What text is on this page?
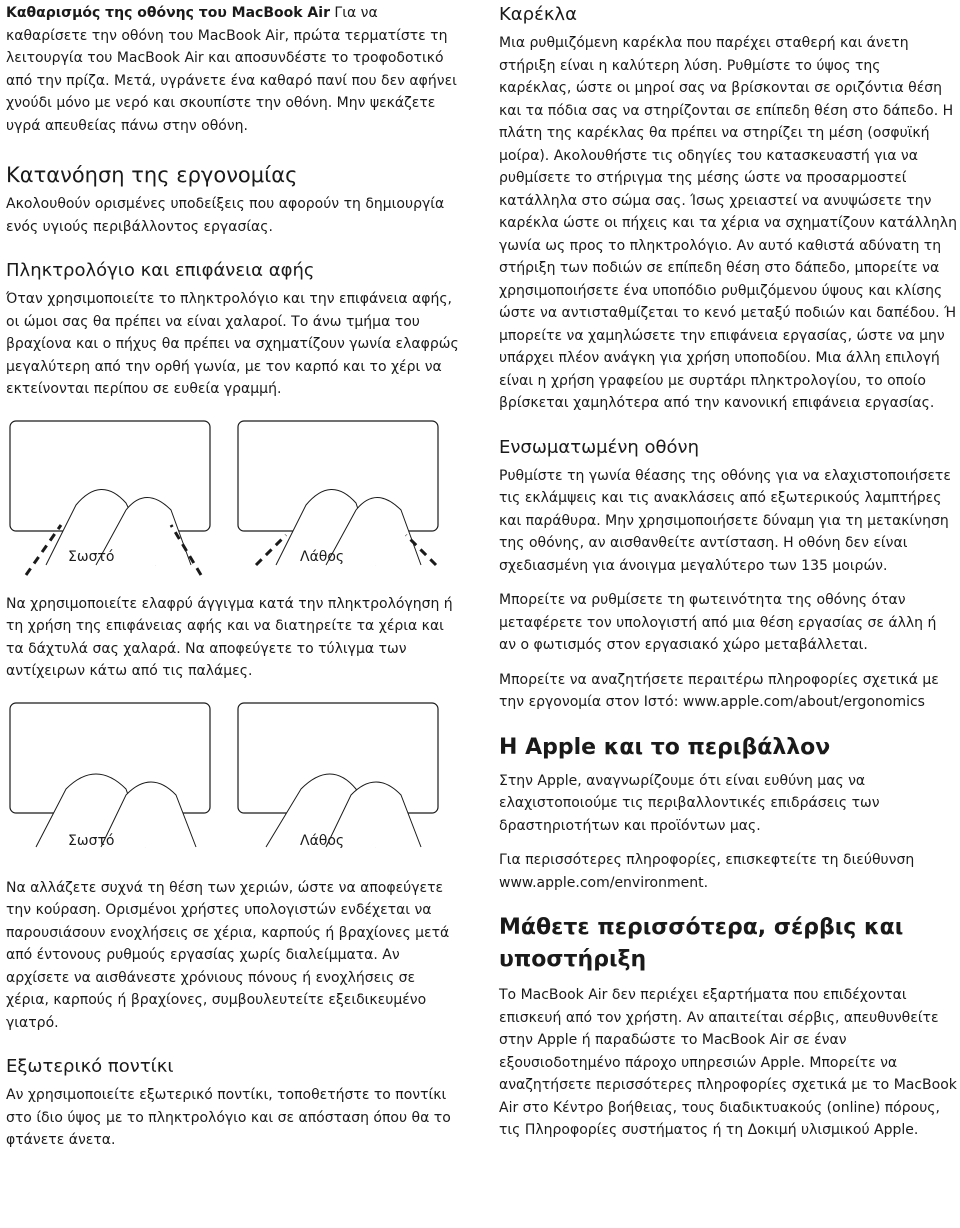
Καθαρισμός της οθόνης του MacBook Air Για να καθαρίσετε την οθόνη του MacBook Air, πρώτα τερματίστε τη λειτουργία του MacBook Air και αποσυνδέστε το τροφοδοτικό από την πρίζα. Μετά, υγράνετε ένα καθαρό πανί που δεν αφήνει χνούδι μόνο με νερό και σκουπίστε την οθόνη. Μην ψεκάζετε υγρά απευθείας πάνω στην οθόνη.

Κατανόηση της εργονομίας

Ακολουθούν ορισμένες υποδείξεις που αφορούν τη δημιουργία ενός υγιούς περιβάλλοντος εργασίας.

Πληκτρολόγιο και επιφάνεια αφής

Όταν χρησιμοποιείτε το πληκτρολόγιο και την επιφάνεια αφής, οι ώμοι σας θα πρέπει να είναι χαλαροί. Το άνω τμήμα του βραχίονα και ο πήχυς θα πρέπει να σχηματίζουν γωνία ελαφρώς μεγαλύτερη από την ορθή γωνία, με τον καρπό και το χέρι να εκτείνονται περίπου σε ευθεία γραμμή.

Σωστό	Λάθος

Να χρησιμοποιείτε ελαφρύ άγγιγμα κατά την πληκτρολόγηση ή τη χρήση της επιφάνειας αφής και να διατηρείτε τα χέρια και τα δάχτυλά σας χαλαρά. Να αποφεύγετε το τύλιγμα των αντίχειρων κάτω από τις παλάμες.

Σωστό	Λάθος

Να αλλάζετε συχνά τη θέση των χεριών, ώστε να αποφεύγετε την κούραση. Ορισμένοι χρήστες υπολογιστών ενδέχεται να παρουσιάσουν ενοχλήσεις σε χέρια, καρπούς ή βραχίονες μετά από έντονους ρυθμούς εργασίας χωρίς διαλείμματα. Αν αρχίσετε να αισθάνεστε χρόνιους πόνους ή ενοχλήσεις σε χέρια, καρπούς ή βραχίονες, συμβουλευτείτε εξειδικευμένο γιατρό.

Εξωτερικό ποντίκι

Αν χρησιμοποιείτε εξωτερικό ποντίκι, τοποθετήστε το ποντίκι στο ίδιο ύψος με το πληκτρολόγιο και σε απόσταση όπου θα το φτάνετε άνετα.

Καρέκλα

Μια ρυθμιζόμενη καρέκλα που παρέχει σταθερή και άνετη στήριξη είναι η καλύτερη λύση. Ρυθμίστε το ύψος της καρέκλας, ώστε οι μηροί σας να βρίσκονται σε οριζόντια θέση και τα πόδια σας να στηρίζονται σε επίπεδη θέση στο δάπεδο. Η πλάτη της καρέκλας θα πρέπει να στηρίζει τη μέση (οσφυϊκή μοίρα). Ακολουθήστε τις οδηγίες του κατασκευαστή για να ρυθμίσετε το στήριγμα της μέσης ώστε να προσαρμοστεί κατάλληλα στο σώμα σας. Ίσως χρειαστεί να ανυψώσετε την καρέκλα ώστε οι πήχεις και τα χέρια να σχηματίζουν κατάλληλη γωνία ως προς το πληκτρολόγιο. Αν αυτό καθιστά αδύνατη τη στήριξη των ποδιών σε επίπεδη θέση στο δάπεδο, μπορείτε να χρησιμοποιήσετε ένα υποπόδιο ρυθμιζόμενου ύψους και κλίσης ώστε να αντισταθμίζεται το κενό μεταξύ ποδιών και δαπέδου. Ή μπορείτε να χαμηλώσετε την επιφάνεια εργασίας, ώστε να μην υπάρχει πλέον ανάγκη για χρήση υποποδίου. Μια άλλη επιλογή είναι η χρήση γραφείου με συρτάρι πληκτρολογίου, το οποίο βρίσκεται χαμηλότερα από την κανονική επιφάνεια εργασίας.

Ενσωματωμένη οθόνη

Ρυθμίστε τη γωνία θέασης της οθόνης για να ελαχιστοποιήσετε τις εκλάμψεις και τις ανακλάσεις από εξωτερικούς λαμπτήρες και παράθυρα. Μην χρησιμοποιήσετε δύναμη για τη μετακίνηση της οθόνης, αν αισθανθείτε αντίσταση. Η οθόνη δεν είναι σχεδιασμένη για άνοιγμα μεγαλύτερο των 135 μοιρών.

Μπορείτε να ρυθμίσετε τη φωτεινότητα της οθόνης όταν μεταφέρετε τον υπολογιστή από μια θέση εργασίας σε άλλη ή αν ο φωτισμός στον εργασιακό χώρο μεταβάλλεται.

Μπορείτε να αναζητήσετε περαιτέρω πληροφορίες σχετικά με την εργονομία στον Ιστό: www.apple.com/about/ergonomics

Η Apple και το περιβάλλον

Στην Apple, αναγνωρίζουμε ότι είναι ευθύνη μας να ελαχιστοποιούμε τις περιβαλλοντικές επιδράσεις των δραστηριοτήτων και προϊόντων μας.

Για περισσότερες πληροφορίες, επισκεφτείτε τη διεύθυνση www.apple.com/environment.

Μάθετε περισσότερα, σέρβις και υποστήριξη

Το MacBook Air δεν περιέχει εξαρτήματα που επιδέχονται επισκευή από τον χρήστη. Αν απαιτείται σέρβις, απευθυνθείτε στην Apple ή παραδώστε το MacBook Air σε έναν εξουσιοδοτημένο πάροχο υπηρεσιών Apple. Μπορείτε να αναζητήσετε περισσότερες πληροφορίες σχετικά με το MacBook Air στο Κέντρο βοήθειας, τους διαδικτυακούς (online) πόρους, τις Πληροφορίες συστήματος ή τη Δοκιμή υλισμικού Apple.
